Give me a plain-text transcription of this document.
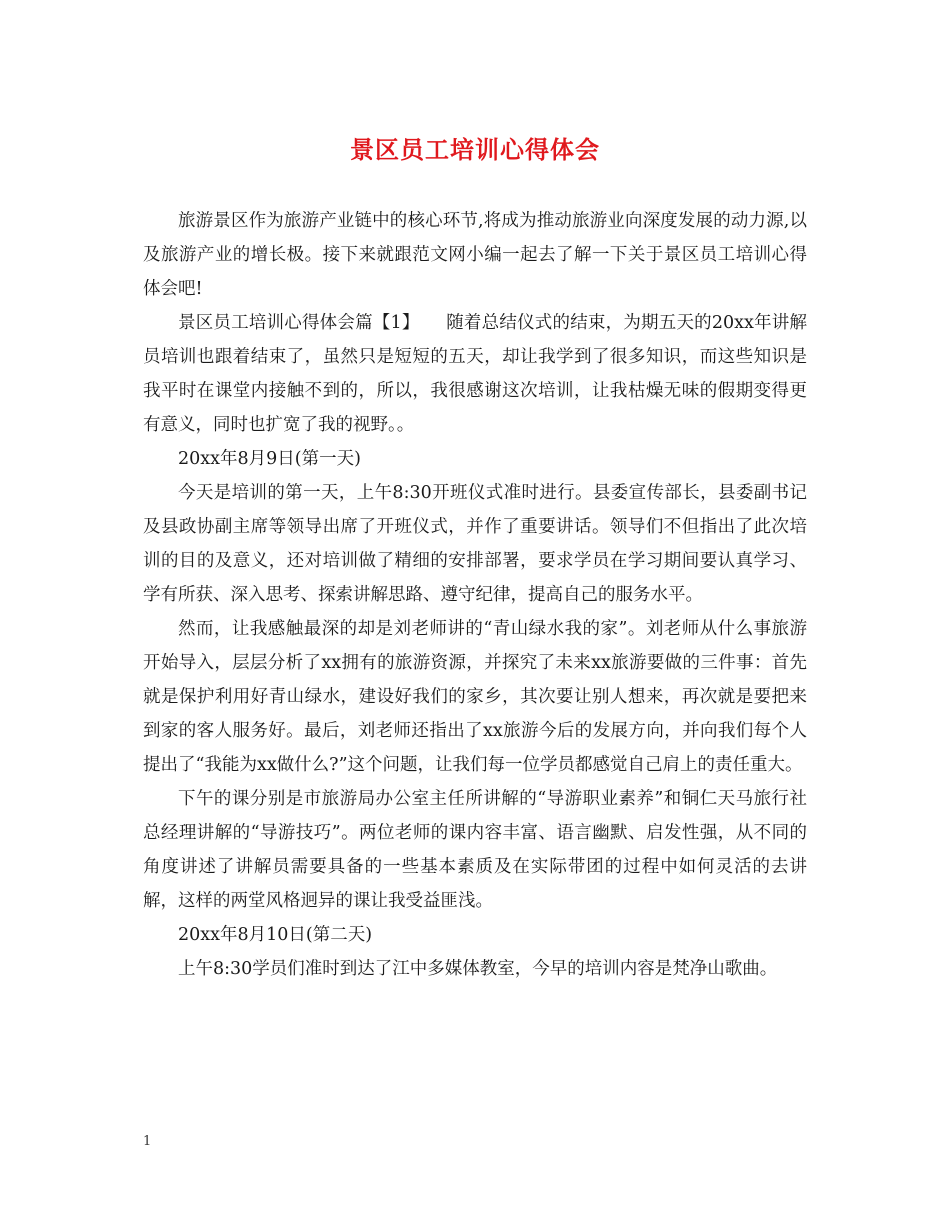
景区员工培训心得体会

旅游景区作为旅游产业链中的核心环节,将成为推动旅游业向深度发展的动力源,以及旅游产业的增长极。接下来就跟范文网小编一起去了解一下关于景区员工培训心得体会吧!

景区员工培训心得体会篇【1】　　随着总结仪式的结束，为期五天的20xx年讲解员培训也跟着结束了，虽然只是短短的五天，却让我学到了很多知识，而这些知识是我平时在课堂内接触不到的，所以，我很感谢这次培训，让我枯燥无味的假期变得更有意义，同时也扩宽了我的视野。。

20xx年8月9日(第一天)

今天是培训的第一天，上午8:30开班仪式准时进行。县委宣传部长，县委副书记及县政协副主席等领导出席了开班仪式，并作了重要讲话。领导们不但指出了此次培训的目的及意义，还对培训做了精细的安排部署，要求学员在学习期间要认真学习、学有所获、深入思考、探索讲解思路、遵守纪律，提高自己的服务水平。

然而，让我感触最深的却是刘老师讲的“青山绿水我的家”。刘老师从什么事旅游开始导入，层层分析了xx拥有的旅游资源，并探究了未来xx旅游要做的三件事：首先就是保护利用好青山绿水，建设好我们的家乡，其次要让别人想来，再次就是要把来到家的客人服务好。最后，刘老师还指出了xx旅游今后的发展方向，并向我们每个人提出了“我能为xx做什么?”这个问题，让我们每一位学员都感觉自己肩上的责任重大。

下午的课分别是市旅游局办公室主任所讲解的“导游职业素养”和铜仁天马旅行社总经理讲解的“导游技巧”。两位老师的课内容丰富、语言幽默、启发性强，从不同的角度讲述了讲解员需要具备的一些基本素质及在实际带团的过程中如何灵活的去讲解，这样的两堂风格迥异的课让我受益匪浅。

20xx年8月10日(第二天)

上午8:30学员们准时到达了江中多媒体教室，今早的培训内容是梵净山歌曲。

1
